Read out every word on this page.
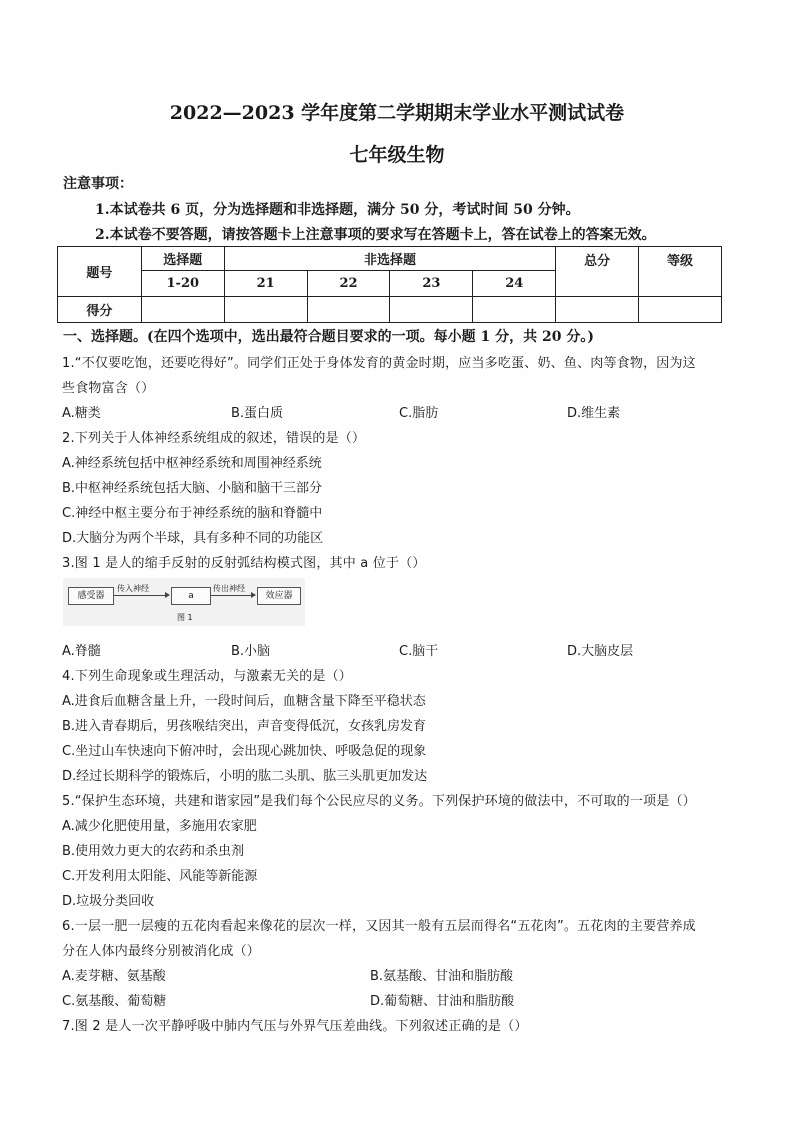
2022—2023 学年度第二学期期末学业水平测试试卷
七年级生物
注意事项：
1.本试卷共 6 页，分为选择题和非选择题，满分 50 分，考试时间 50 分钟。
2.本试卷不要答题，请按答题卡上注意事项的要求写在答题卡上，答在试卷上的答案无效。
题号	选择题	非选择题				总分	等级
	1-20	21	22	23	24		
得分							
一、选择题。(在四个选项中，选出最符合题目要求的一项。每小题 1 分，共 20 分。)
1.“不仅要吃饱，还要吃得好”。同学们正处于身体发育的黄金时期，应当多吃蛋、奶、鱼、肉等食物，因为这
些食物富含（）
A.糖类	B.蛋白质	C.脂肪	D.维生素
2.下列关于人体神经系统组成的叙述，错误的是（）
A.神经系统包括中枢神经系统和周围神经系统
B.中枢神经系统包括大脑、小脑和脑干三部分
C.神经中枢主要分布于神经系统的脑和脊髓中
D.大脑分为两个半球，具有多种不同的功能区
3.图 1 是人的缩手反射的反射弧结构模式图，其中 a 位于（）
感受器
传入神经
a
传出神经
效应器
图 1
A.脊髓	B.小脑	C.脑干	D.大脑皮层
4.下列生命现象或生理活动，与激素无关的是（）
A.进食后血糖含量上升，一段时间后，血糖含量下降至平稳状态
B.进入青春期后，男孩喉结突出，声音变得低沉，女孩乳房发育
C.坐过山车快速向下俯冲时，会出现心跳加快、呼吸急促的现象
D.经过长期科学的锻炼后，小明的肱二头肌、肱三头肌更加发达
5.“保护生态环境，共建和谐家园”是我们每个公民应尽的义务。下列保护环境的做法中，不可取的一项是（）
A.减少化肥使用量，多施用农家肥
B.使用效力更大的农药和杀虫剂
C.开发利用太阳能、风能等新能源
D.垃圾分类回收
6.一层一肥一层瘦的五花肉看起来像花的层次一样，又因其一般有五层而得名“五花肉”。五花肉的主要营养成
分在人体内最终分别被消化成（）
A.麦芽糖、氨基酸	B.氨基酸、甘油和脂肪酸
C.氨基酸、葡萄糖	D.葡萄糖、甘油和脂肪酸
7.图 2 是人一次平静呼吸中肺内气压与外界气压差曲线。下列叙述正确的是（）
